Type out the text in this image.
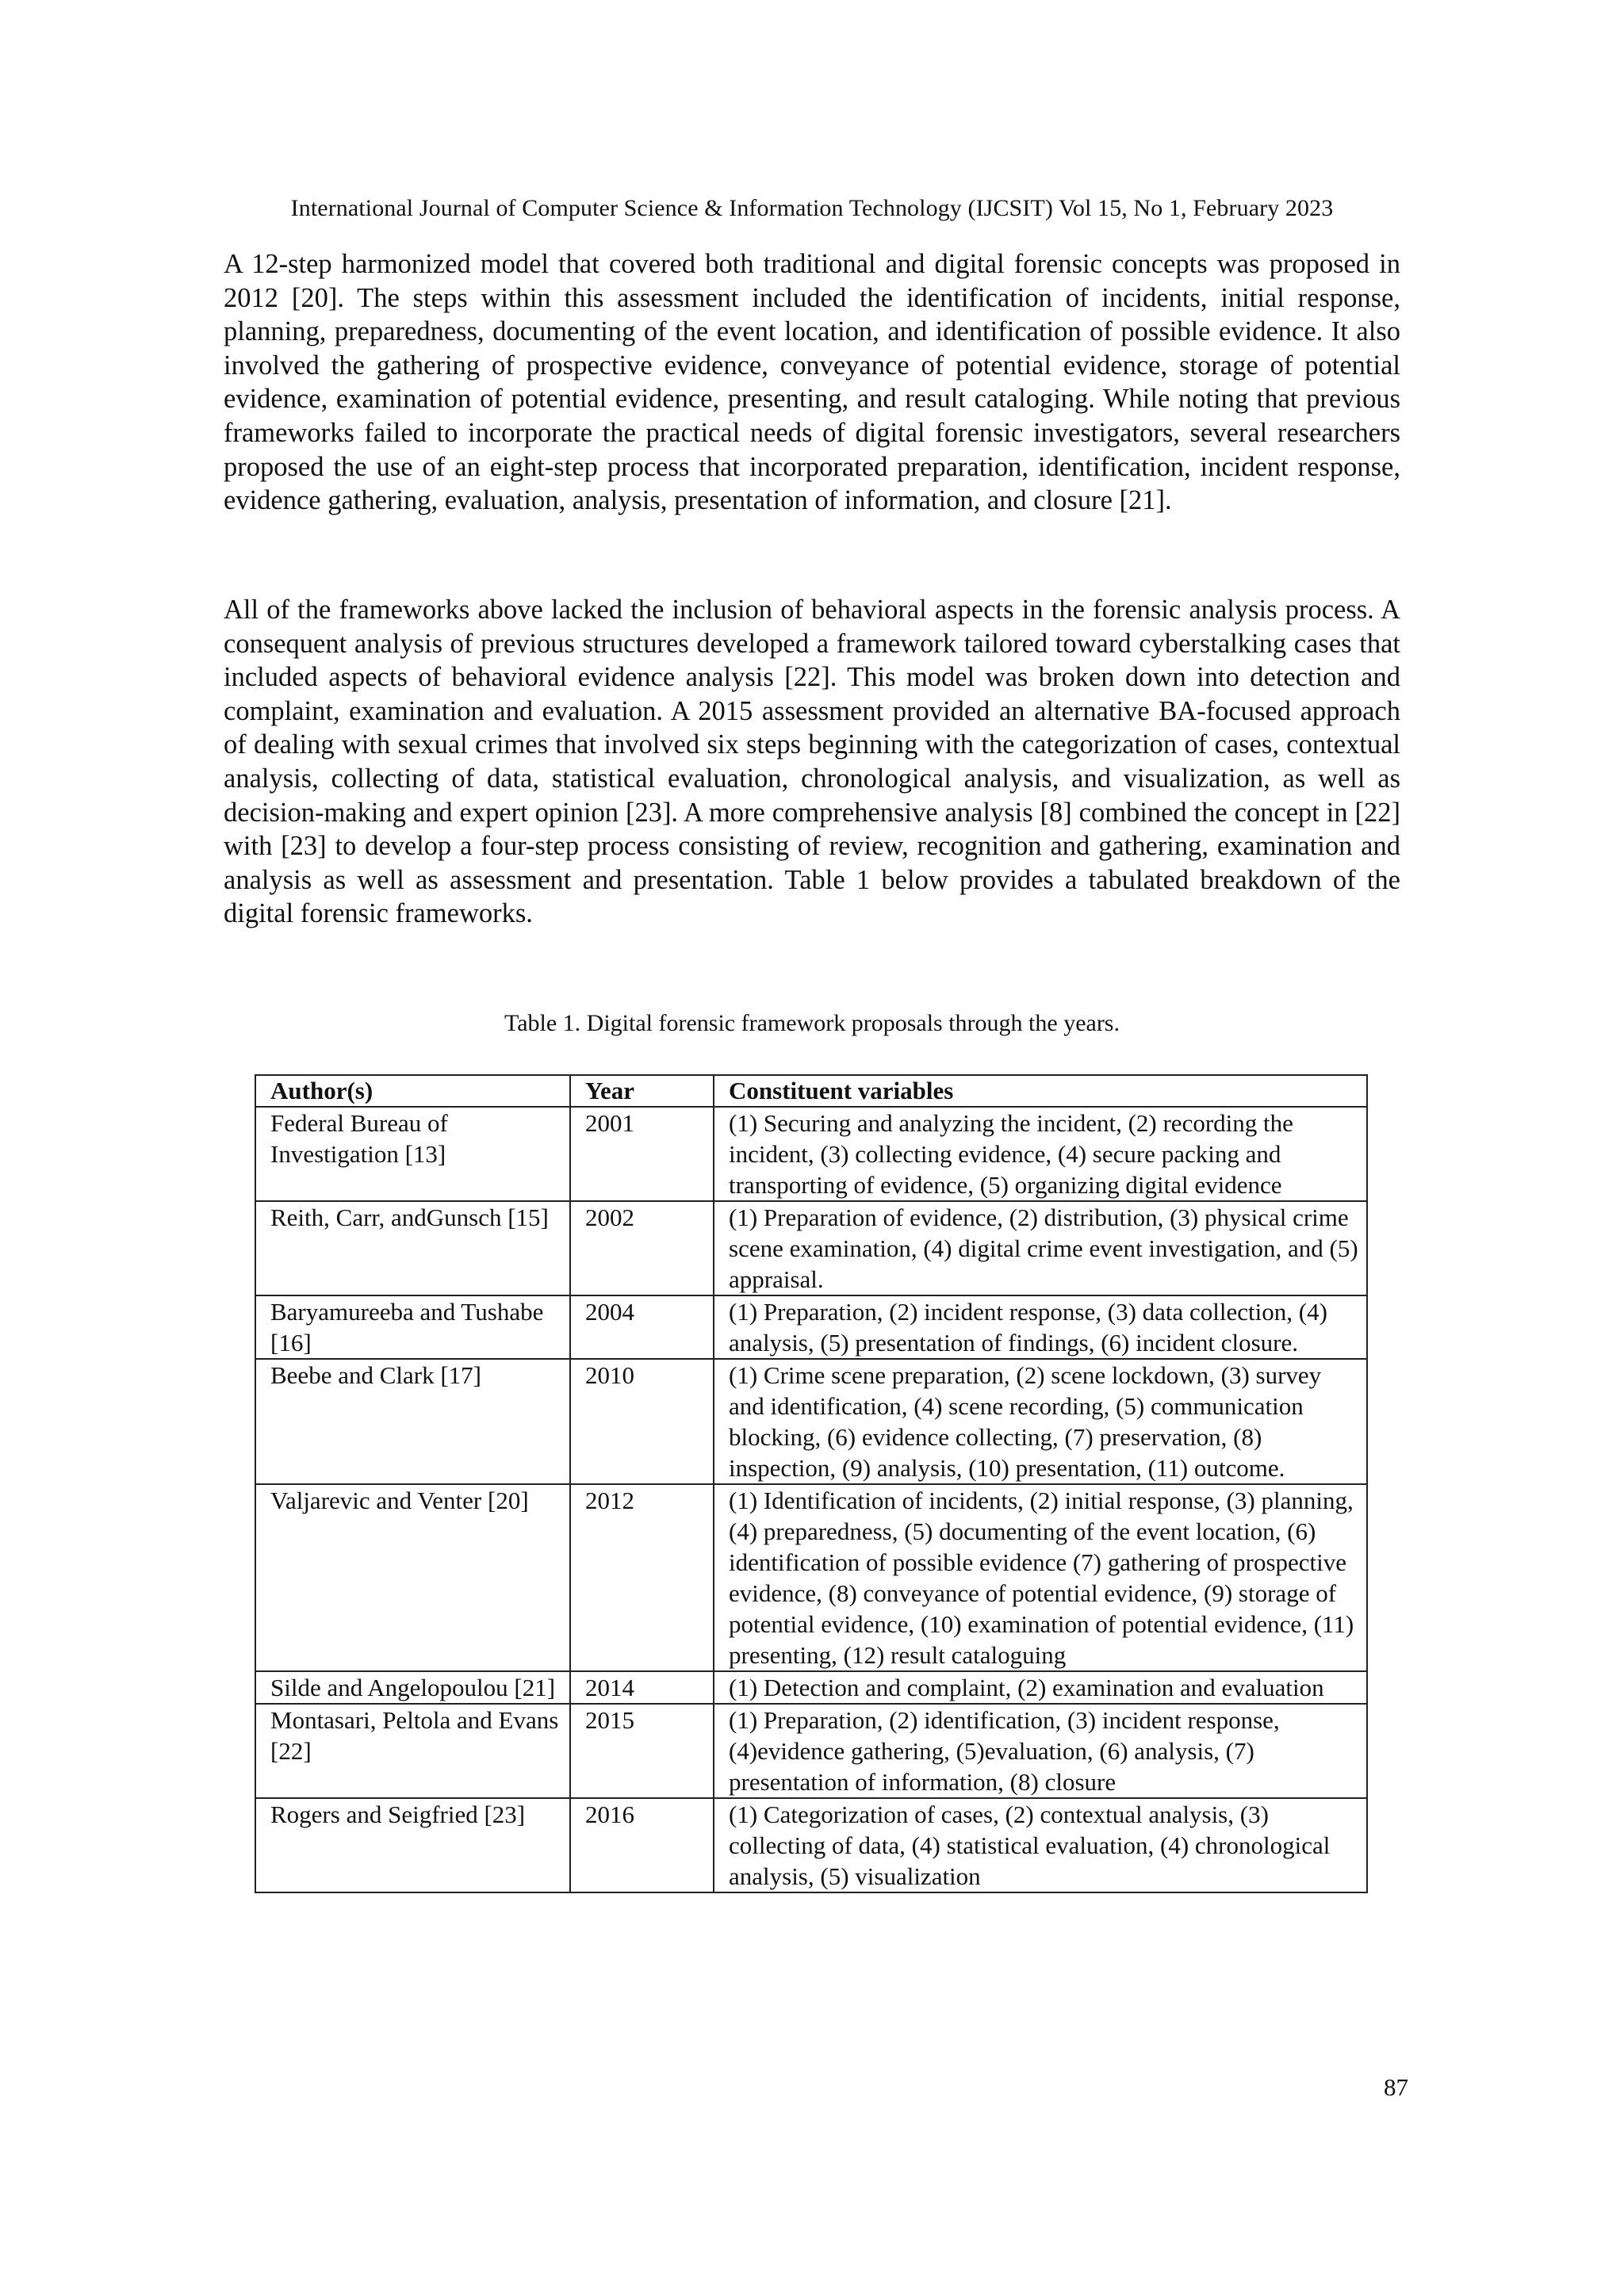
International Journal of Computer Science & Information Technology (IJCSIT) Vol 15, No 1, February 2023

A 12-step harmonized model that covered both traditional and digital forensic concepts was proposed in 2012 [20]. The steps within this assessment included the identification of incidents, initial response, planning, preparedness, documenting of the event location, and identification of possible evidence. It also involved the gathering of prospective evidence, conveyance of potential evidence, storage of potential evidence, examination of potential evidence, presenting, and result cataloging. While noting that previous frameworks failed to incorporate the practical needs of digital forensic investigators, several researchers proposed the use of an eight-step process that incorporated preparation, identification, incident response, evidence gathering, evaluation, analysis, presentation of information, and closure [21].

All of the frameworks above lacked the inclusion of behavioral aspects in the forensic analysis process. A consequent analysis of previous structures developed a framework tailored toward cyberstalking cases that included aspects of behavioral evidence analysis [22]. This model was broken down into detection and complaint, examination and evaluation. A 2015 assessment provided an alternative BA-focused approach of dealing with sexual crimes that involved six steps beginning with the categorization of cases, contextual analysis, collecting of data, statistical evaluation, chronological analysis, and visualization, as well as decision-making and expert opinion [23]. A more comprehensive analysis [8] combined the concept in [22] with [23] to develop a four-step process consisting of review, recognition and gathering, examination and analysis as well as assessment and presentation. Table 1 below provides a tabulated breakdown of the digital forensic frameworks.

Table 1. Digital forensic framework proposals through the years.
Author(s)	Year	Constituent variables
Federal Bureau of Investigation [13]	2001	(1) Securing and analyzing the incident, (2) recording the incident, (3) collecting evidence, (4) secure packing and transporting of evidence, (5) organizing digital evidence
Reith, Carr, andGunsch [15]	2002	(1) Preparation of evidence, (2) distribution, (3) physical crime scene examination, (4) digital crime event investigation, and (5) appraisal.
Baryamureeba and Tushabe [16]	2004	(1) Preparation, (2) incident response, (3) data collection, (4) analysis, (5) presentation of findings, (6) incident closure.
Beebe and Clark [17]	2010	(1) Crime scene preparation, (2) scene lockdown, (3) survey and identification, (4) scene recording, (5) communication blocking, (6) evidence collecting, (7) preservation, (8) inspection, (9) analysis, (10) presentation, (11) outcome.
Valjarevic and Venter [20]	2012	(1) Identification of incidents, (2) initial response, (3) planning, (4) preparedness, (5) documenting of the event location, (6) identification of possible evidence (7) gathering of prospective evidence, (8) conveyance of potential evidence, (9) storage of potential evidence, (10) examination of potential evidence, (11) presenting, (12) result cataloguing
Silde and Angelopoulou [21]	2014	(1) Detection and complaint, (2) examination and evaluation
Montasari, Peltola and Evans [22]	2015	(1) Preparation, (2) identification, (3) incident response, (4)evidence gathering, (5)evaluation, (6) analysis, (7) presentation of information, (8) closure
Rogers and Seigfried [23]	2016	(1) Categorization of cases, (2) contextual analysis, (3) collecting of data, (4) statistical evaluation, (4) chronological analysis, (5) visualization
87
